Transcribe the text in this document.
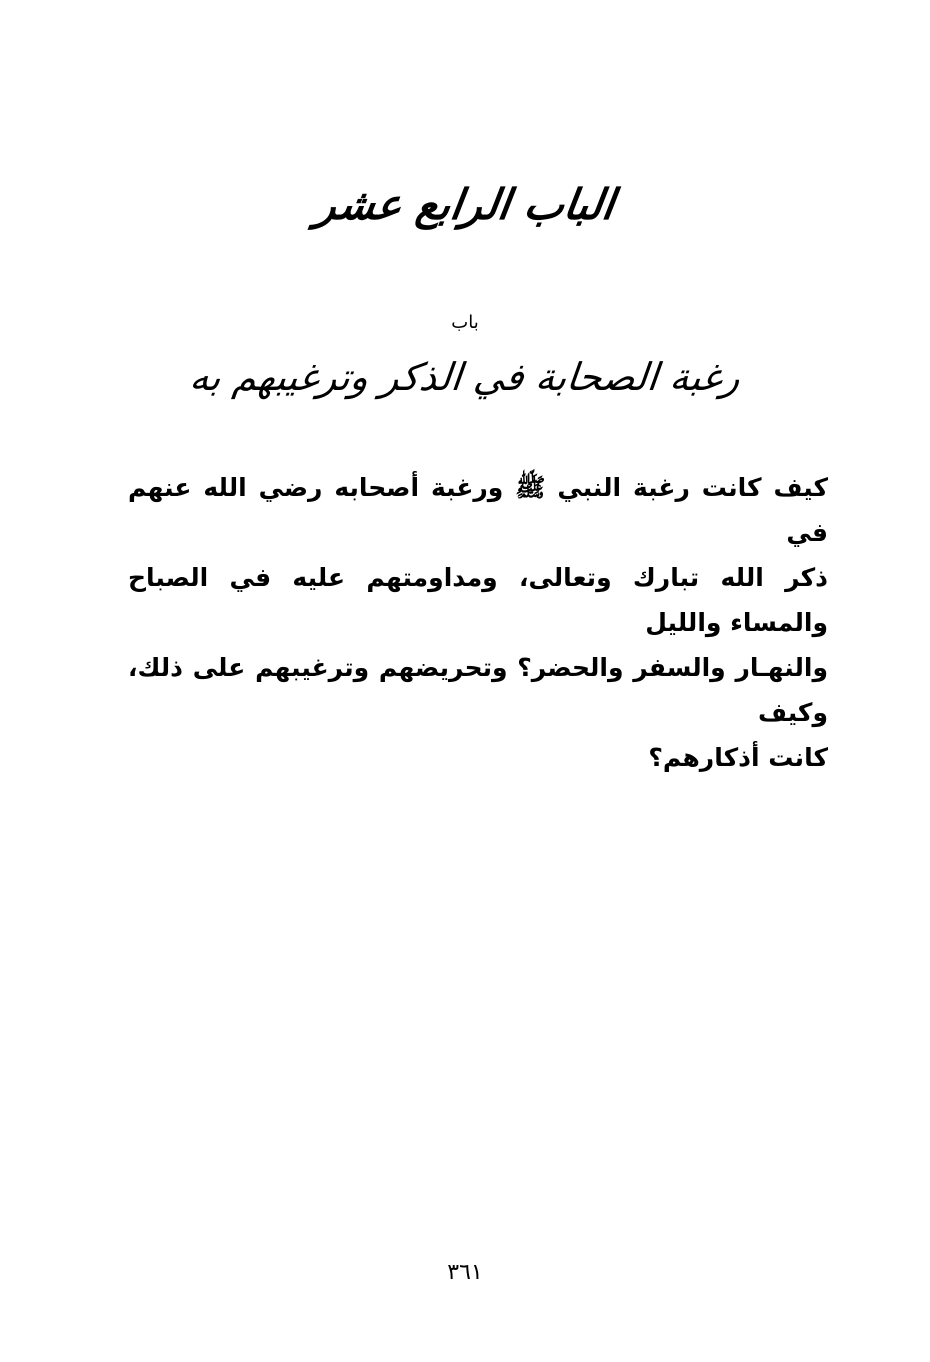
الباب الرابع عشر
باب
رغبة الصحابة في الذكر وترغيبهم به
كيف كانت رغبة النبي ﷺ ورغبة أصحابه رضي الله عنهم في
ذكر الله تبارك وتعالى، ومداومتهم عليه في الصباح والمساء والليل
والنهـار والسفر والحضر؟ وتحريضهم وترغيبهم على ذلك، وكيف
كانت أذكارهم؟
٣٦١
